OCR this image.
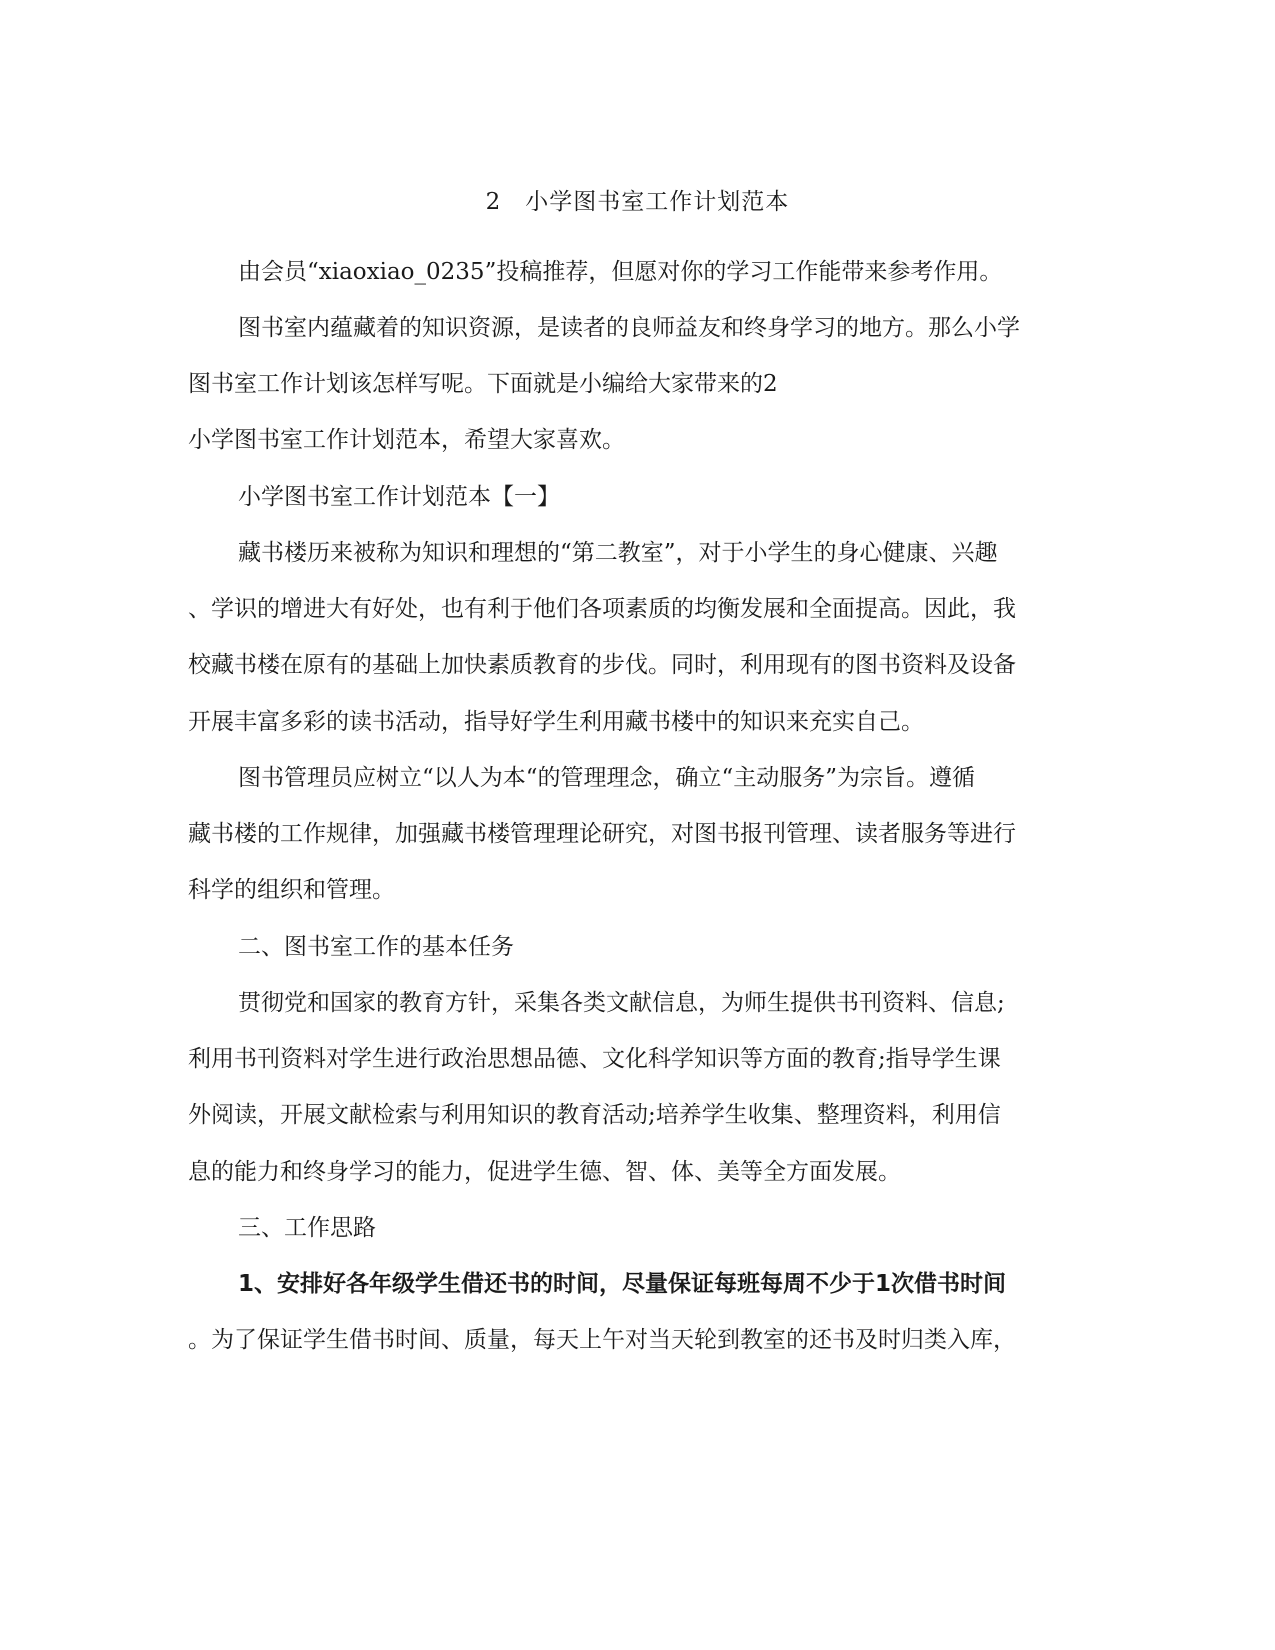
2　小学图书室工作计划范本
由会员“xiaoxiao_0235”投稿推荐，但愿对你的学习工作能带来参考作用。
图书室内蕴藏着的知识资源，是读者的良师益友和终身学习的地方。那么小学
图书室工作计划该怎样写呢。下面就是小编给大家带来的2
小学图书室工作计划范本，希望大家喜欢。
小学图书室工作计划范本【一】
藏书楼历来被称为知识和理想的“第二教室”，对于小学生的身心健康、兴趣
、学识的增进大有好处，也有利于他们各项素质的均衡发展和全面提高。因此，我
校藏书楼在原有的基础上加快素质教育的步伐。同时，利用现有的图书资料及设备
开展丰富多彩的读书活动，指导好学生利用藏书楼中的知识来充实自己。
图书管理员应树立“以人为本“的管理理念，确立“主动服务”为宗旨。遵循
藏书楼的工作规律，加强藏书楼管理理论研究，对图书报刊管理、读者服务等进行
科学的组织和管理。
二、图书室工作的基本任务
贯彻党和国家的教育方针，采集各类文献信息，为师生提供书刊资料、信息;
利用书刊资料对学生进行政治思想品德、文化科学知识等方面的教育;指导学生课
外阅读，开展文献检索与利用知识的教育活动;培养学生收集、整理资料，利用信
息的能力和终身学习的能力，促进学生德、智、体、美等全方面发展。
三、工作思路
1、安排好各年级学生借还书的时间，尽量保证每班每周不少于1次借书时间
。为了保证学生借书时间、质量，每天上午对当天轮到教室的还书及时归类入库，
